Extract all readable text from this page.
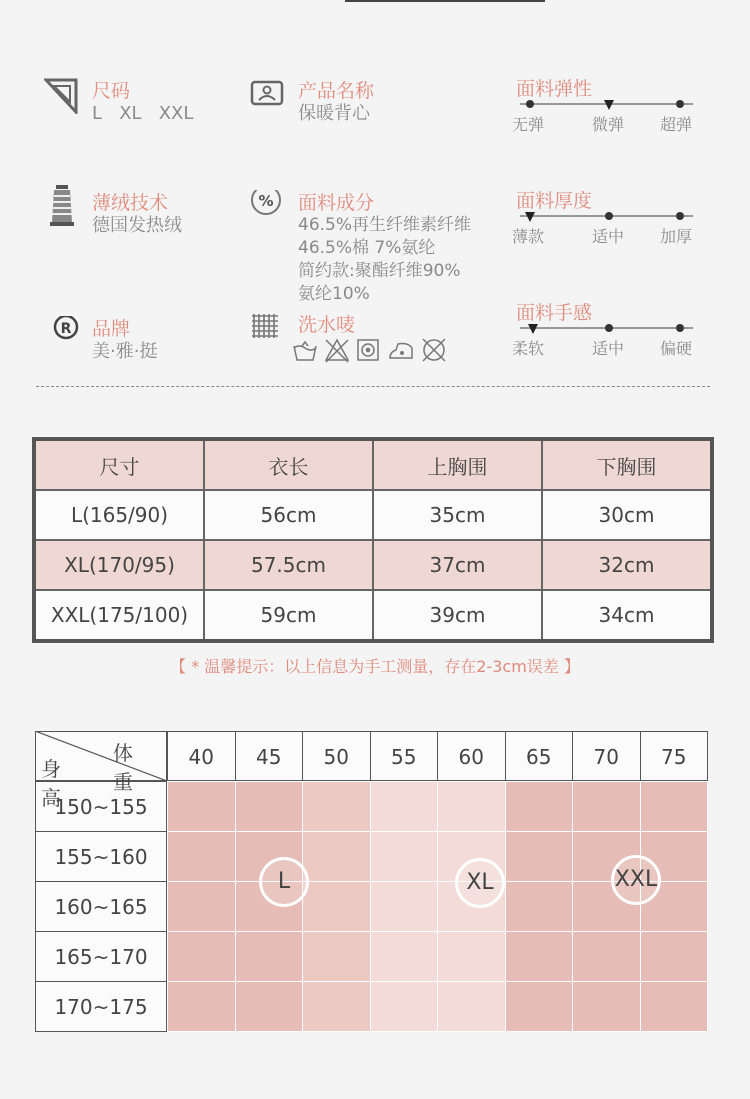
尺码
L   XL   XXL
产品名称
保暖背心
薄绒技术
德国发热绒
% 面料成分
46.5%再生纤维素纤维
46.5%棉 7%氨纶
简约款:聚酯纤维90%
氨纶10%
R 品牌
美·雅·挺
洗水唛
面料弹性
无弹	微弹 超弹
面料厚度
薄款	适中 加厚
面料手感
柔软	适中 偏硬
尺寸	衣长	上胸围	下胸围
L(165/90)	56cm	35cm	30cm
XL(170/95)	57.5cm	37cm	32cm
XXL(175/100)	59cm	39cm	34cm
【 * 温馨提示：以上信息为手工测量，存在2-3cm误差 】
40	45	50	55	60	65	70	75
150~155
155~160
160~165
165~170
170~175
体重
身高
L	XL	XXL
